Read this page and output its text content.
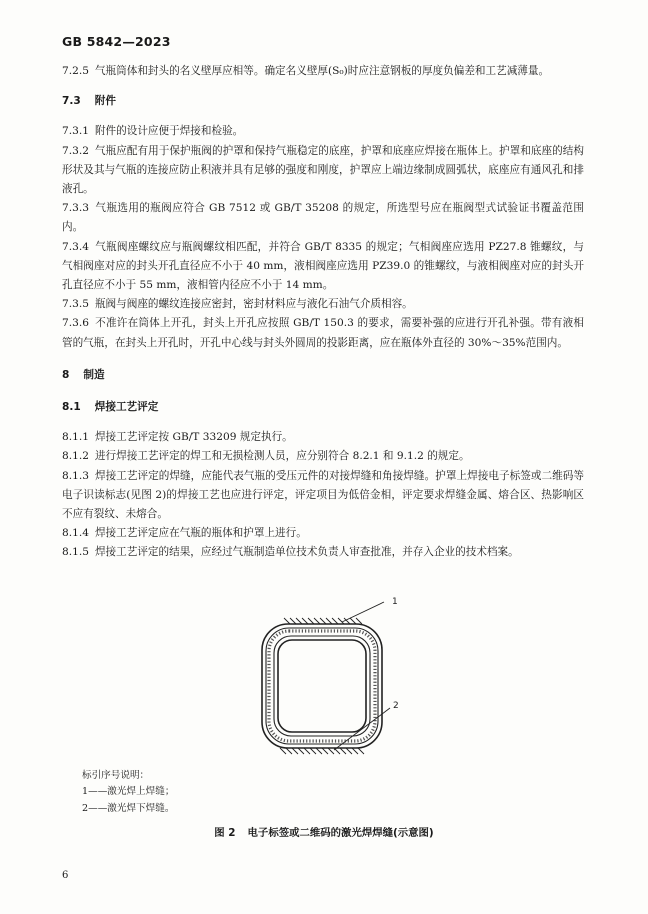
GB 5842—2023

7.2.5 气瓶筒体和封头的名义壁厚应相等。确定名义壁厚(S₀)时应注意钢板的厚度负偏差和工艺减薄量。

7.3 附件

7.3.1 附件的设计应便于焊接和检验。

7.3.2 气瓶应配有用于保护瓶阀的护罩和保持气瓶稳定的底座，护罩和底座应焊接在瓶体上。护罩和底座的结构形状及其与气瓶的连接应防止积液并具有足够的强度和刚度，护罩应上端边缘制成圆弧状，底座应有通风孔和排液孔。

7.3.3 气瓶选用的瓶阀应符合 GB 7512 或 GB/T 35208 的规定，所选型号应在瓶阀型式试验证书覆盖范围内。

7.3.4 气瓶阀座螺纹应与瓶阀螺纹相匹配，并符合 GB/T 8335 的规定；气相阀座应选用 PZ27.8 锥螺纹，与气相阀座对应的封头开孔直径应不小于 40 mm，液相阀座应选用 PZ39.0 的锥螺纹，与液相阀座对应的封头开孔直径应不小于 55 mm，液相管内径应不小于 14 mm。

7.3.5 瓶阀与阀座的螺纹连接应密封，密封材料应与液化石油气介质相容。

7.3.6 不准许在筒体上开孔，封头上开孔应按照 GB/T 150.3 的要求，需要补强的应进行开孔补强。带有液相管的气瓶，在封头上开孔时，开孔中心线与封头外圆周的投影距离，应在瓶体外直径的 30%～35%范围内。

8 制造

8.1 焊接工艺评定

8.1.1 焊接工艺评定按 GB/T 33209 规定执行。

8.1.2 进行焊接工艺评定的焊工和无损检测人员，应分别符合 8.2.1 和 9.1.2 的规定。

8.1.3 焊接工艺评定的焊缝，应能代表气瓶的受压元件的对接焊缝和角接焊缝。护罩上焊接电子标签或二维码等电子识读标志(见图 2)的焊接工艺也应进行评定，评定项目为低倍金相，评定要求焊缝金属、熔合区、热影响区不应有裂纹、未熔合。

8.1.4 焊接工艺评定应在气瓶的瓶体和护罩上进行。

8.1.5 焊接工艺评定的结果，应经过气瓶制造单位技术负责人审查批准，并存入企业的技术档案。

1
2
标引序号说明：
1——激光焊上焊缝；
2——激光焊下焊缝。
图 2 电子标签或二维码的激光焊焊缝(示意图)
6
